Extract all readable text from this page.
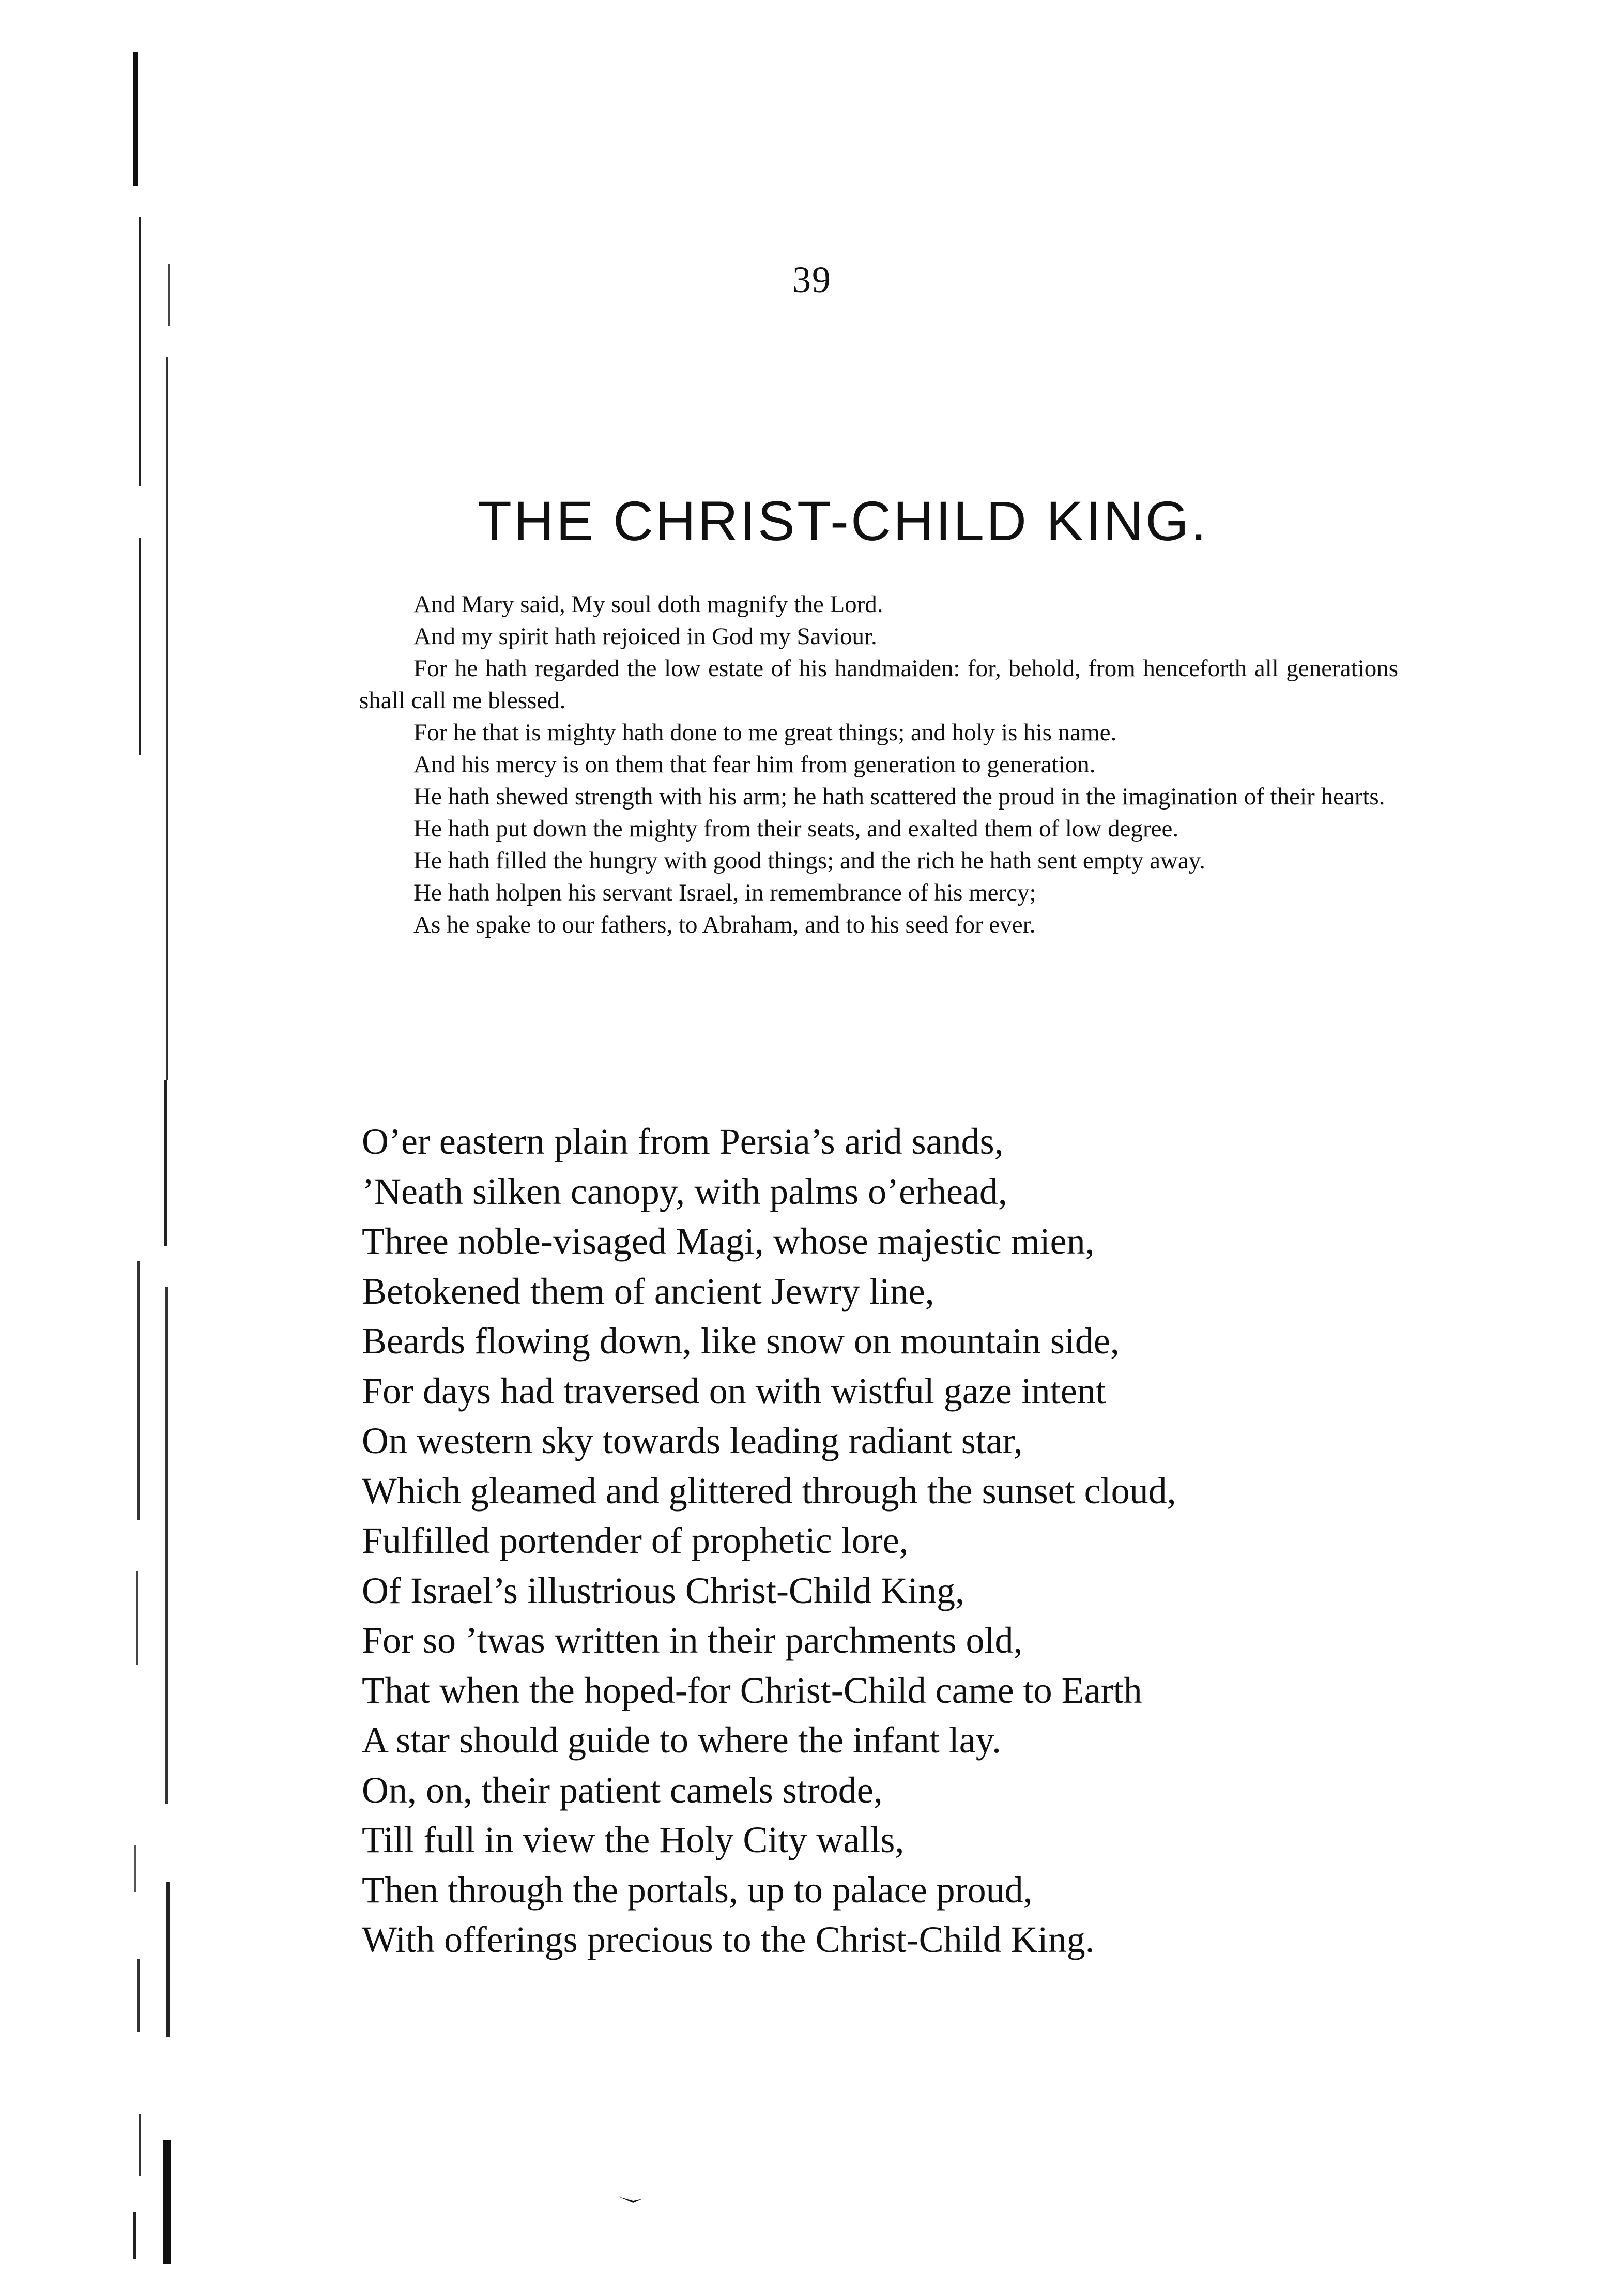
39
THE CHRIST-CHILD KING.

And Mary said, My soul doth magnify the Lord.

And my spirit hath rejoiced in God my Saviour.

For he hath regarded the low estate of his handmaiden: for, behold, from henceforth all generations shall call me blessed.

For he that is mighty hath done to me great things; and holy is his name.

And his mercy is on them that fear him from generation to generation.

He hath shewed strength with his arm; he hath scattered the proud in the imagination of their hearts.

He hath put down the mighty from their seats, and exalted them of low degree.

He hath filled the hungry with good things; and the rich he hath sent empty away.

He hath holpen his servant Israel, in remembrance of his mercy;

As he spake to our fathers, to Abraham, and to his seed for ever.

O’er eastern plain from Persia’s arid sands,
’Neath silken canopy, with palms o’erhead,
Three noble-visaged Magi, whose majestic mien,
Betokened them of ancient Jewry line,
Beards flowing down, like snow on mountain side,
For days had traversed on with wistful gaze intent
On western sky towards leading radiant star,
Which gleamed and glittered through the sunset cloud,
Fulfilled portender of prophetic lore,
Of Israel’s illustrious Christ-Child King,
For so ’twas written in their parchments old,
That when the hoped-for Christ-Child came to Earth
A star should guide to where the infant lay.
On, on, their patient camels strode,
Till full in view the Holy City walls,
Then through the portals, up to palace proud,
With offerings precious to the Christ-Child King.
